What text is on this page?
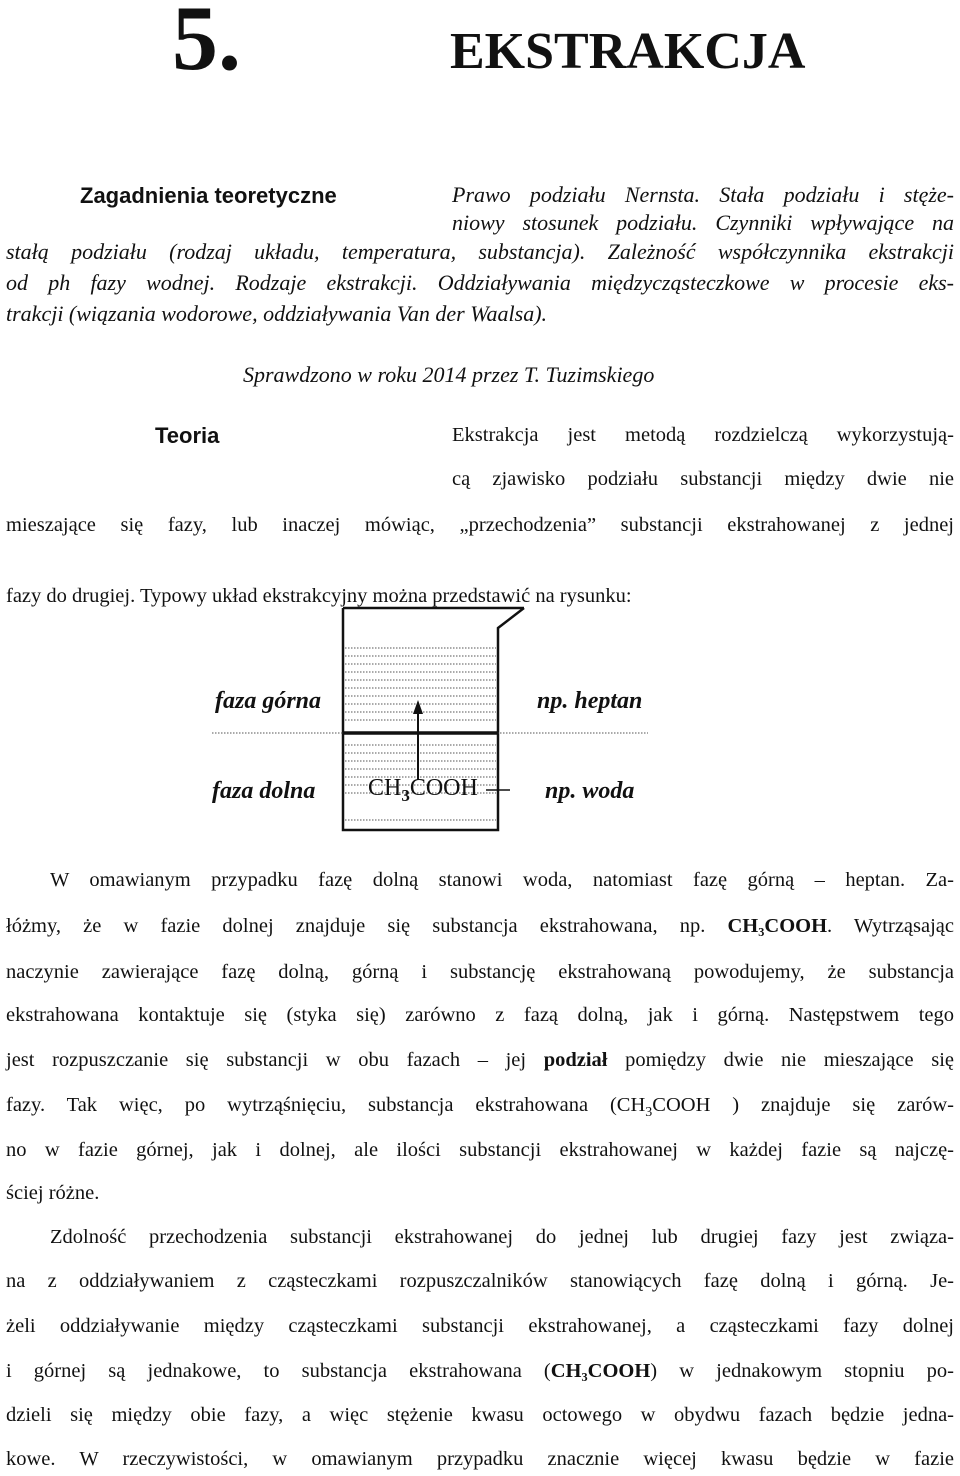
5.	EKSTRAKCJA
Zagadnienia teoretyczne	Prawo podziału Nernsta. Stała podziału i stęże-
niowy stosunek podziału. Czynniki wpływające na
stałą podziału (rodzaj układu, temperatura, substancja). Zależność współczynnika ekstrakcji
od ph fazy wodnej. Rodzaje ekstrakcji. Oddziaływania międzycząsteczkowe w procesie eks-
trakcji (wiązania wodorowe, oddziaływania Van der Waalsa).
Sprawdzono w roku 2014 przez T. Tuzimskiego
Teoria	Ekstrakcja jest metodą rozdzielczą wykorzystują-
cą zjawisko podziału substancji między dwie nie
mieszające się fazy, lub inaczej mówiąc, „przechodzenia” substancji ekstrahowanej z jednej
fazy do drugiej. Typowy układ ekstrakcyjny można przedstawić na rysunku:
faza górna
faza dolna
np. heptan
np. woda
$CH_3COOH$
W omawianym przypadku fazę dolną stanowi woda, natomiast fazę górną – heptan. Za-
łóżmy, że w fazie dolnej znajduje się substancja ekstrahowana, np. CH₃COOH. Wytrząsając
naczynie zawierające fazę dolną, górną i substancję ekstrahowaną powodujemy, że substancja
ekstrahowana kontaktuje się (styka się) zarówno z fazą dolną, jak i górną. Następstwem tego
jest rozpuszczanie się substancji w obu fazach – jej podział pomiędzy dwie nie mieszające się
fazy. Tak więc, po wytrząśnięciu, substancja ekstrahowana ($CH_3COOH$ ) znajduje się zarów-
no w fazie górnej, jak i dolnej, ale ilości substancji ekstrahowanej w każdej fazie są najczę-
ściej różne.
Zdolność przechodzenia substancji ekstrahowanej do jednej lub drugiej fazy jest związa-
na z oddziaływaniem z cząsteczkami rozpuszczalników stanowiących fazę dolną i górną. Je-
żeli oddziaływanie między cząsteczkami substancji ekstrahowanej, a cząsteczkami fazy dolnej
i górnej są jednakowe, to substancja ekstrahowana (CH₃COOH) w jednakowym stopniu po-
dzieli się między obie fazy, a więc stężenie kwasu octowego w obydwu fazach będzie jedna-
kowe. W rzeczywistości, w omawianym przypadku znacznie więcej kwasu będzie w fazie
